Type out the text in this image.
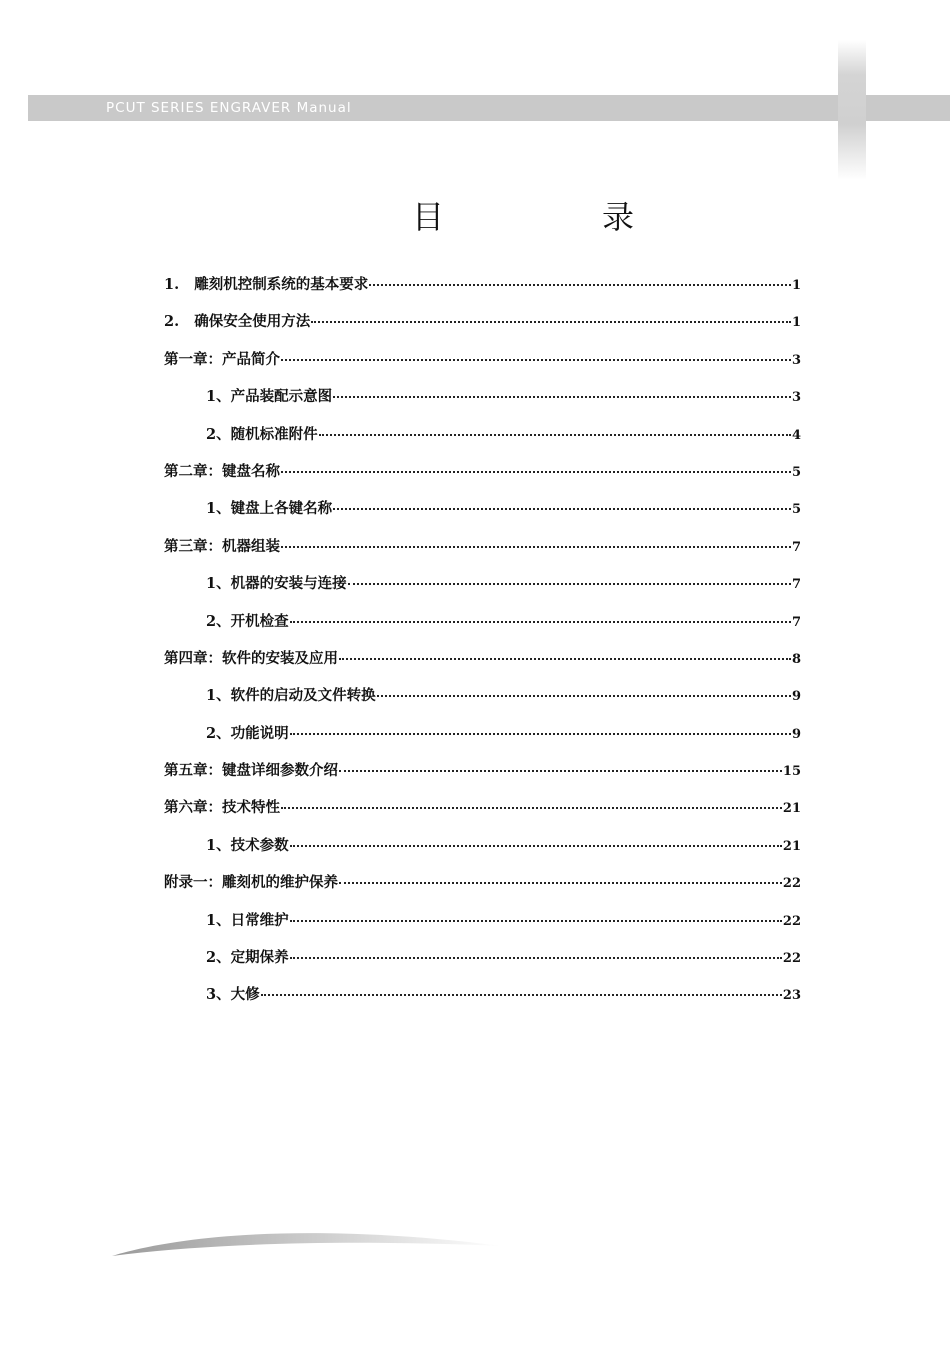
PCUT SERIES ENGRAVER Manual
目	录
1.   雕刻机控制系统的基本要求	1
2.   确保安全使用方法	1
第一章：产品简介	3
1、产品装配示意图	3
2、随机标准附件	4
第二章：键盘名称	5
1、键盘上各键名称	5
第三章：机器组装	7
1、机器的安装与连接	7
2、开机检查	7
第四章：软件的安装及应用	8
1、软件的启动及文件转换	9
2、功能说明	9
第五章：键盘详细参数介绍	15
第六章：技术特性	21
1、技术参数	21
附录一：雕刻机的维护保养	22
1、日常维护	22
2、定期保养	22
3、大修	23
